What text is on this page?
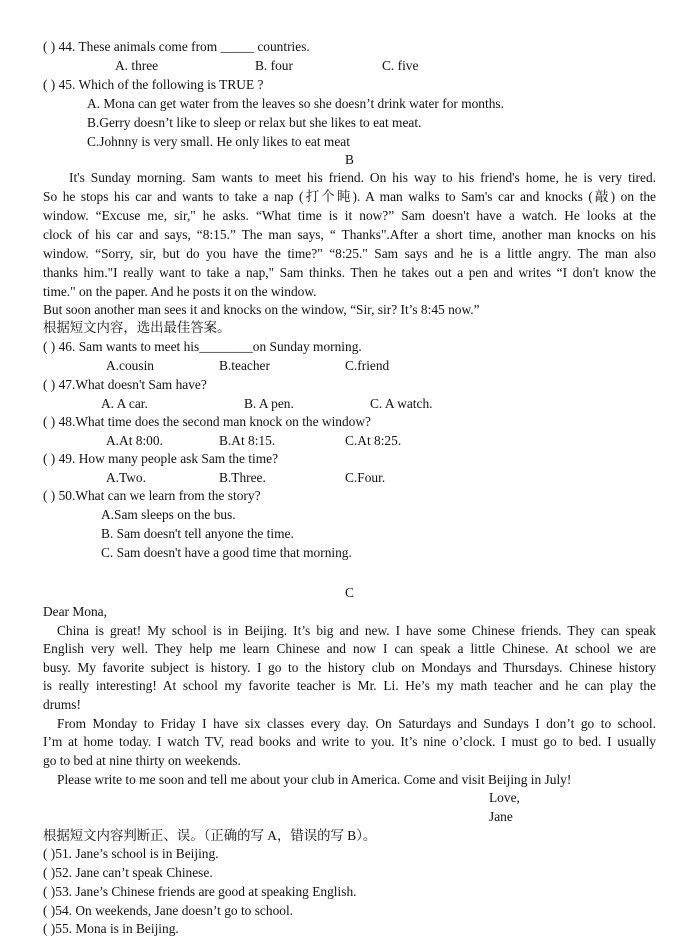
( ) 44. These animals come from _____ countries.
A. three	B. four	C. five
( ) 45. Which of the following is TRUE ?
A. Mona can get water from the leaves so she doesn’t drink water for months.
B.Gerry doesn’t like to sleep or relax but she likes to eat meat.
C.Johnny is very small. He only likes to eat meat
B
It's Sunday morning. Sam wants to meet his friend. On his way to his friend's home, he is very tired.
So he stops his car and wants to take a nap (打个盹). A man walks to Sam's car and knocks (敲) on the
window. “Excuse me, sir," he asks. “What time is it now?” Sam doesn't have a watch. He looks at the
clock of his car and says, “8:15.” The man says, “ Thanks".After a short time, another man knocks on his
window. “Sorry, sir, but do you have the time?" “8:25." Sam says and he is a little angry. The man also
thanks him."I really want to take a nap," Sam thinks. Then he takes out a pen and writes “I don't know the
time." on the paper. And he posts it on the window.
But soon another man sees it and knocks on the window, “Sir, sir? It’s 8:45 now.”
根据短文内容，选出最佳答案。
( ) 46. Sam wants to meet his________on Sunday morning.
A.cousin	B.teacher	C.friend
( ) 47.What doesn't Sam have?
A. A car.	B. A pen.	C. A watch.
( ) 48.What time does the second man knock on the window?
A.At 8:00.	B.At 8:15.	C.At 8:25.
( ) 49. How many people ask Sam the time?
A.Two.	B.Three.	C.Four.
( ) 50.What can we learn from the story?
A.Sam sleeps on the bus.
B. Sam doesn't tell anyone the time.
C. Sam doesn't have a good time that morning.
C
Dear Mona,
China is great! My school is in Beijing. It’s big and new. I have some Chinese friends. They can speak
English very well. They help me learn Chinese and now I can speak a little Chinese. At school we are
busy. My favorite subject is history. I go to the history club on Mondays and Thursdays. Chinese history
is really interesting! At school my favorite teacher is Mr. Li. He’s my math teacher and he can play the
drums!
From Monday to Friday I have six classes every day. On Saturdays and Sundays I don’t go to school.
I’m at home today. I watch TV, read books and write to you. It’s nine o’clock. I must go to bed. I usually
go to bed at nine thirty on weekends.
Please write to me soon and tell me about your club in America. Come and visit Beijing in July!
Love,
Jane
根据短文内容判断正、误。（正确的写 A，错误的写 B）。
( )51. Jane’s school is in Beijing.
( )52. Jane can’t speak Chinese.
( )53. Jane’s Chinese friends are good at speaking English.
( )54. On weekends, Jane doesn’t go to school.
( )55. Mona is in Beijing.
